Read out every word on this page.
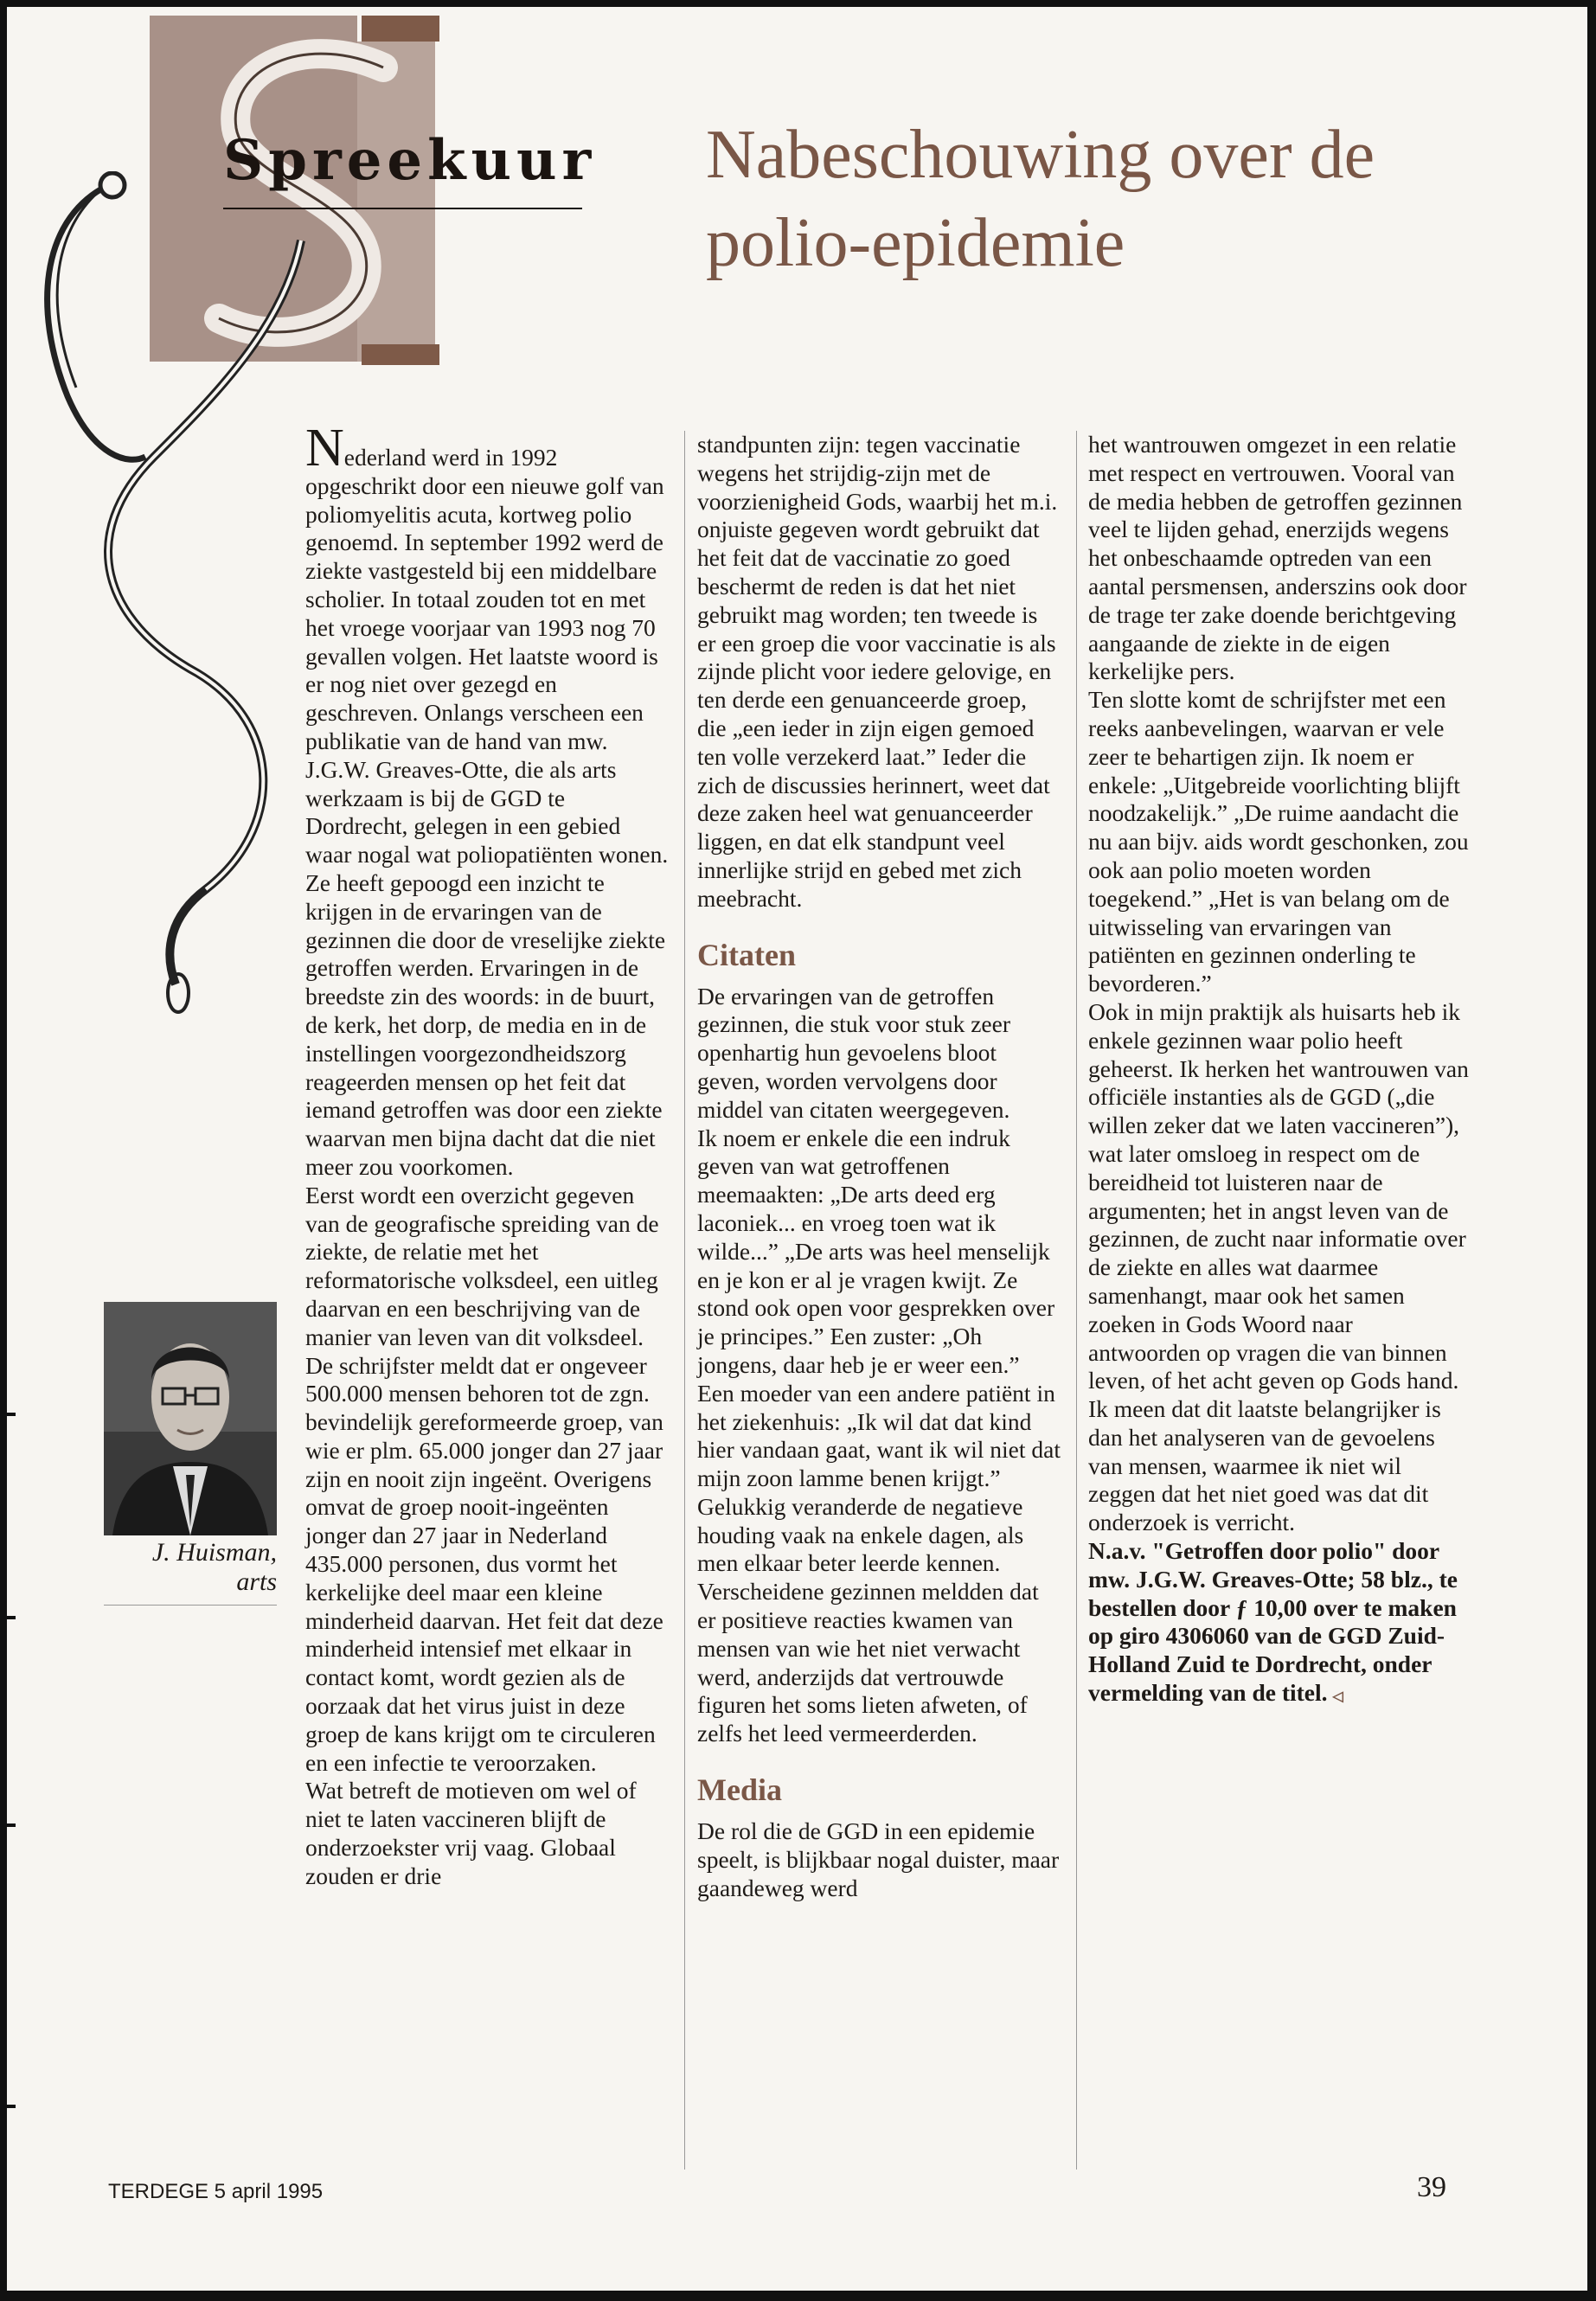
Spreekuur Nabeschouwing over de
polio-epidemie

Nederland werd in 1992 opgeschrikt door een nieuwe golf van poliomyelitis acuta, kortweg polio genoemd. In september 1992 werd de ziekte vastgesteld bij een middelbare scholier. In totaal zouden tot en met het vroege voorjaar van 1993 nog 70 gevallen volgen. Het laatste woord is er nog niet over gezegd en geschreven. Onlangs verscheen een publikatie van de hand van mw. J.G.W. Greaves-Otte, die als arts werkzaam is bij de GGD te Dordrecht, gelegen in een gebied waar nogal wat poliopatiënten wonen. Ze heeft gepoogd een inzicht te krijgen in de ervaringen van de gezinnen die door de vreselijke ziekte getroffen werden. Ervaringen in de breedste zin des woords: in de buurt, de kerk, het dorp, de media en in de instellingen voorgezondheidszorg reageerden mensen op het feit dat iemand getroffen was door een ziekte waarvan men bijna dacht dat die niet meer zou voorkomen.

Eerst wordt een overzicht gegeven van de geografische spreiding van de ziekte, de relatie met het reformatorische volksdeel, een uitleg daarvan en een beschrijving van de manier van leven van dit volksdeel. De schrijfster meldt dat er ongeveer 500.000 mensen behoren tot de zgn. bevindelijk gereformeerde groep, van wie er plm. 65.000 jonger dan 27 jaar zijn en nooit zijn ingeënt. Overigens omvat de groep nooit-ingeënten jonger dan 27 jaar in Nederland 435.000 personen, dus vormt het kerkelijke deel maar een kleine minderheid daarvan. Het feit dat deze minderheid intensief met elkaar in contact komt, wordt gezien als de oorzaak dat het virus juist in deze groep de kans krijgt om te circuleren en een infectie te veroorzaken.

Wat betreft de motieven om wel of niet te laten vaccineren blijft de onderzoekster vrij vaag. Globaal zouden er drie

standpunten zijn: tegen vaccinatie wegens het strijdig-zijn met de voorzienigheid Gods, waarbij het m.i. onjuiste gegeven wordt gebruikt dat het feit dat de vaccinatie zo goed beschermt de reden is dat het niet gebruikt mag worden; ten tweede is er een groep die voor vaccinatie is als zijnde plicht voor iedere gelovige, en ten derde een genuanceerde groep, die „een ieder in zijn eigen gemoed ten volle verzekerd laat.” Ieder die zich de discussies herinnert, weet dat deze zaken heel wat genuanceerder liggen, en dat elk standpunt veel innerlijke strijd en gebed met zich meebracht.

Citaten

De ervaringen van de getroffen gezinnen, die stuk voor stuk zeer openhartig hun gevoelens bloot geven, worden vervolgens door middel van citaten weergegeven.

Ik noem er enkele die een indruk geven van wat getroffenen meemaakten: „De arts deed erg laconiek... en vroeg toen wat ik wilde...” „De arts was heel menselijk en je kon er al je vragen kwijt. Ze stond ook open voor gesprekken over je principes.” Een zuster: „Oh jongens, daar heb je er weer een.” Een moeder van een andere patiënt in het ziekenhuis: „Ik wil dat dat kind hier vandaan gaat, want ik wil niet dat mijn zoon lamme benen krijgt.” Gelukkig veranderde de negatieve houding vaak na enkele dagen, als men elkaar beter leerde kennen. Verscheidene gezinnen meldden dat er positieve reacties kwamen van mensen van wie het niet verwacht werd, anderzijds dat vertrouwde figuren het soms lieten afweten, of zelfs het leed vermeerderden.

Media

De rol die de GGD in een epidemie speelt, is blijkbaar nogal duister, maar gaandeweg werd

het wantrouwen omgezet in een relatie met respect en vertrouwen. Vooral van de media hebben de getroffen gezinnen veel te lijden gehad, enerzijds wegens het onbeschaamde optreden van een aantal persmensen, anderszins ook door de trage ter zake doende berichtgeving aangaande de ziekte in de eigen kerkelijke pers.

Ten slotte komt de schrijfster met een reeks aanbevelingen, waarvan er vele zeer te behartigen zijn. Ik noem er enkele: „Uitgebreide voorlichting blijft noodzakelijk.” „De ruime aandacht die nu aan bijv. aids wordt geschonken, zou ook aan polio moeten worden toegekend.” „Het is van belang om de uitwisseling van ervaringen van patiënten en gezinnen onderling te bevorderen.”

Ook in mijn praktijk als huisarts heb ik enkele gezinnen waar polio heeft geheerst. Ik herken het wantrouwen van officiële instanties als de GGD („die willen zeker dat we laten vaccineren”), wat later omsloeg in respect om de bereidheid tot luisteren naar de argumenten; het in angst leven van de gezinnen, de zucht naar informatie over de ziekte en alles wat daarmee samenhangt, maar ook het samen zoeken in Gods Woord naar antwoorden op vragen die van binnen leven, of het acht geven op Gods hand. Ik meen dat dit laatste belangrijker is dan het analyseren van de gevoelens van mensen, waarmee ik niet wil zeggen dat het niet goed was dat dit onderzoek is verricht.

N.a.v. "Getroffen door polio" door mw. J.G.W. Greaves-Otte; 58 blz., te bestellen door ƒ 10,00 over te maken op giro 4306060 van de GGD Zuid-Holland Zuid te Dordrecht, onder vermelding van de titel. ◁

J. Huisman,
arts
TERDEGE 5 april 1995	39
